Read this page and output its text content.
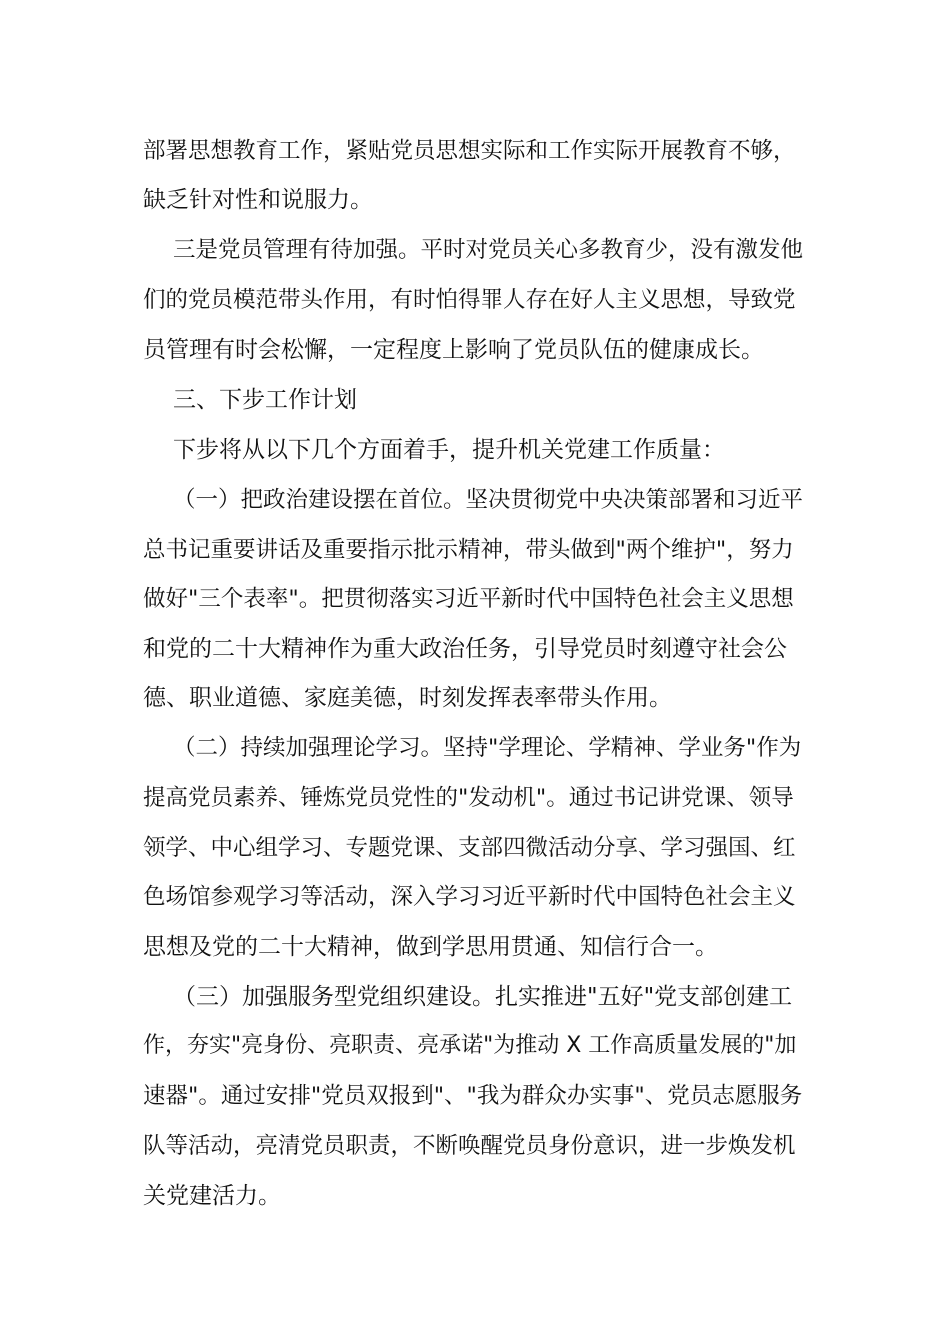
部署思想教育工作，紧贴党员思想实际和工作实际开展教育不够，
缺乏针对性和说服力。
三是党员管理有待加强。平时对党员关心多教育少，没有激发他
们的党员模范带头作用，有时怕得罪人存在好人主义思想，导致党
员管理有时会松懈，一定程度上影响了党员队伍的健康成长。
三、下步工作计划
下步将从以下几个方面着手，提升机关党建工作质量：
（一）把政治建设摆在首位。坚决贯彻党中央决策部署和习近平
总书记重要讲话及重要指示批示精神，带头做到"两个维护"，努力
做好"三个表率"。把贯彻落实习近平新时代中国特色社会主义思想
和党的二十大精神作为重大政治任务，引导党员时刻遵守社会公
德、职业道德、家庭美德，时刻发挥表率带头作用。
（二）持续加强理论学习。坚持"学理论、学精神、学业务"作为
提高党员素养、锤炼党员党性的"发动机"。通过书记讲党课、领导
领学、中心组学习、专题党课、支部四微活动分享、学习强国、红
色场馆参观学习等活动，深入学习习近平新时代中国特色社会主义
思想及党的二十大精神，做到学思用贯通、知信行合一。
（三）加强服务型党组织建设。扎实推进"五好"党支部创建工
作，夯实"亮身份、亮职责、亮承诺"为推动 X 工作高质量发展的"加
速器"。通过安排"党员双报到"、"我为群众办实事"、党员志愿服务
队等活动，亮清党员职责，不断唤醒党员身份意识，进一步焕发机
关党建活力。
